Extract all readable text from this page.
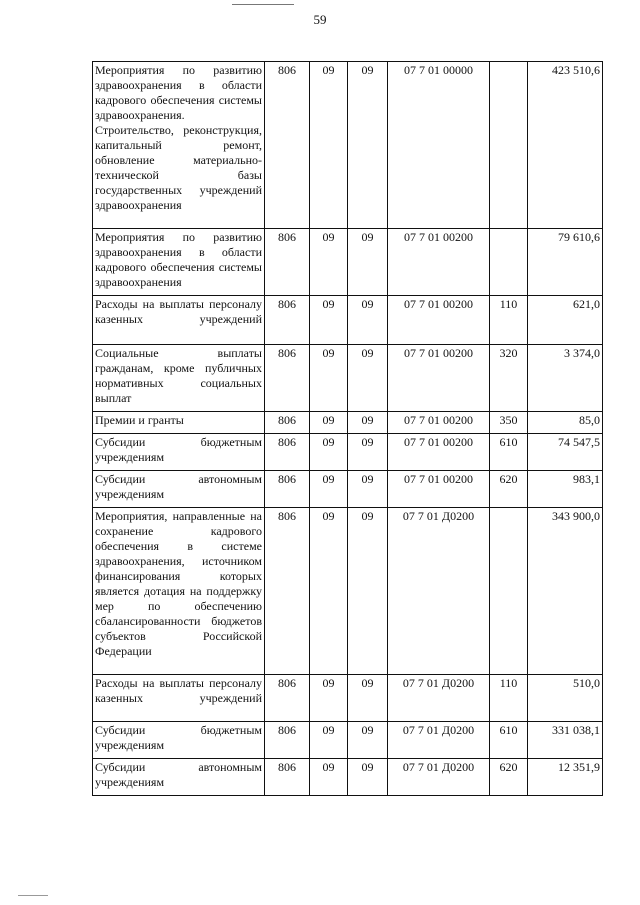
59
Мероприятия по развитию здравоохранения в области кадрового обеспечения системы здравоохранения. Строительство, реконструкция, капитальный ремонт, обновление материально-технической базы государственных учреждений здравоохранения	806	09	09	07 7 01 00000		423 510,6
Мероприятия по развитию здравоохранения в области кадрового обеспечения системы здравоохранения	806	09	09	07 7 01 00200		79 610,6
Расходы на выплаты персоналу казенных учреждений	806	09	09	07 7 01 00200	110	621,0
Социальные выплаты гражданам, кроме публичных нормативных социальных выплат	806	09	09	07 7 01 00200	320	3 374,0
Премии и гранты	806	09	09	07 7 01 00200	350	85,0
Субсидии бюджетным учреждениям	806	09	09	07 7 01 00200	610	74 547,5
Субсидии автономным учреждениям	806	09	09	07 7 01 00200	620	983,1
Мероприятия, направленные на сохранение кадрового обеспечения в системе здравоохранения, источником финансирования которых является дотация на поддержку мер по обеспечению сбалансированности бюджетов субъектов Российской Федерации	806	09	09	07 7 01 Д0200		343 900,0
Расходы на выплаты персоналу казенных учреждений	806	09	09	07 7 01 Д0200	110	510,0
Субсидии бюджетным учреждениям	806	09	09	07 7 01 Д0200	610	331 038,1
Субсидии автономным учреждениям	806	09	09	07 7 01 Д0200	620	12 351,9
